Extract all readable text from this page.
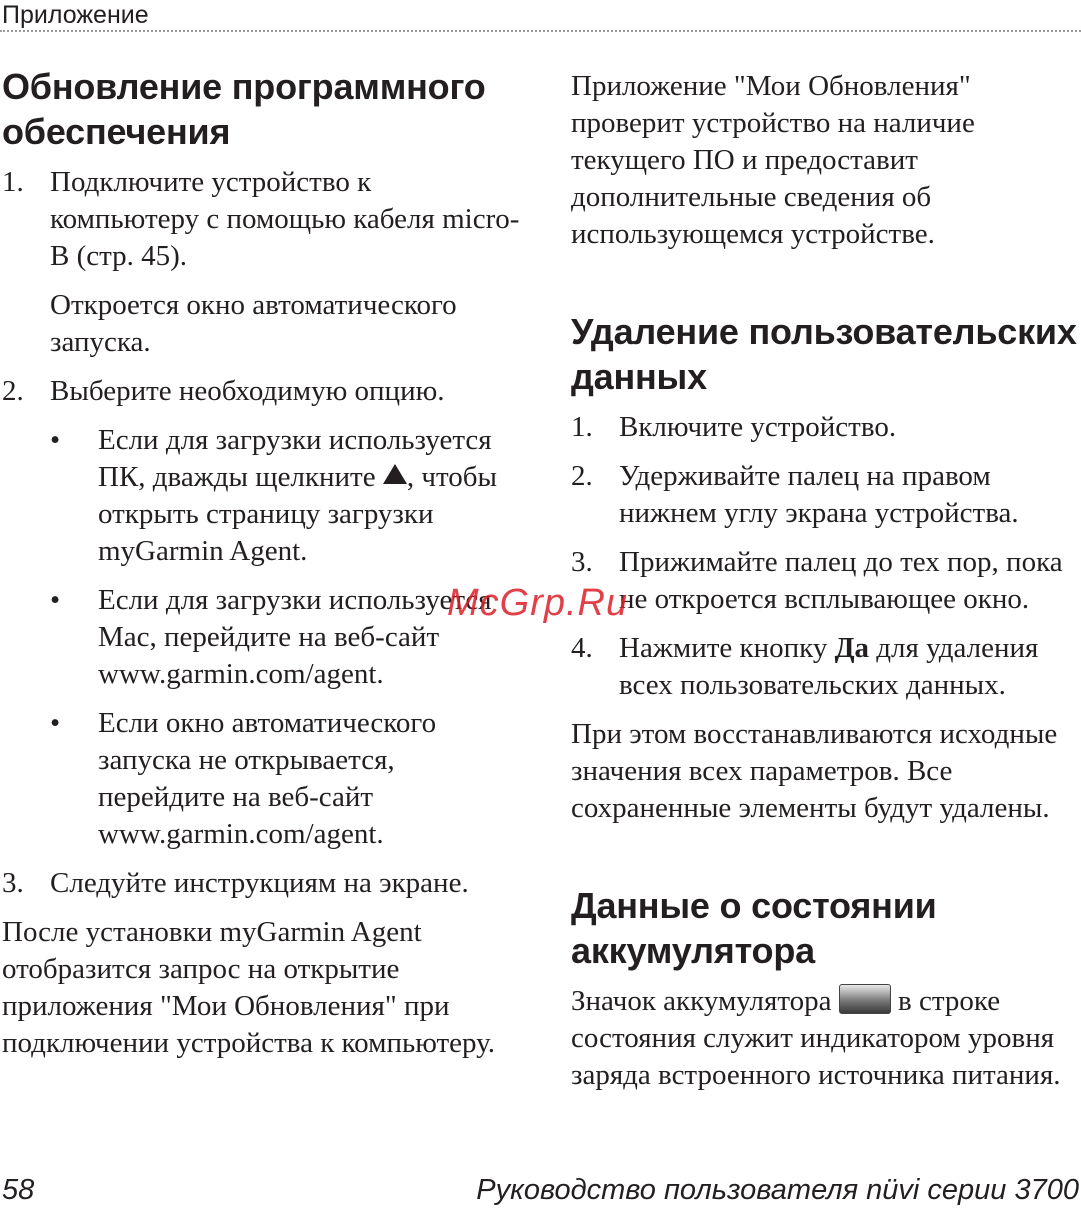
Приложение
Обновление программного обеспечения
1. Подключите устройство к компьютеру с помощью кабеля micro-B (стр. 45).
Откроется окно автоматического запуска.
2. Выберите необходимую опцию.
• Если для загрузки используется ПК, дважды щелкните , чтобы открыть страницу загрузки myGarmin Agent.
• Если для загрузки используется Mac, перейдите на веб-сайт www.garmin.com/agent.
• Если окно автоматического запуска не открывается, перейдите на веб-сайт www.garmin.com/agent.
3. Следуйте инструкциям на экране.

После установки myGarmin Agent отобразится запрос на открытие приложения "Мои Обновления" при подключении устройства к компьютеру.

Приложение "Мои Обновления" проверит устройство на наличие текущего ПО и предоставит дополнительные сведения об использующемся устройстве.

Удаление пользовательских данных
1. Включите устройство.
2. Удерживайте палец на правом нижнем углу экрана устройства.
3. Прижимайте палец до тех пор, пока не откроется всплывающее окно.
4. Нажмите кнопку Да для удаления всех пользовательских данных.

При этом восстанавливаются исходные значения всех параметров. Все сохраненные элементы будут удалены.

Данные о состоянии аккумулятора

Значок аккумулятора  в строке состояния служит индикатором уровня заряда встроенного источника питания.

McGrp.Ru
58	Руководство пользователя nüvi серии 3700
